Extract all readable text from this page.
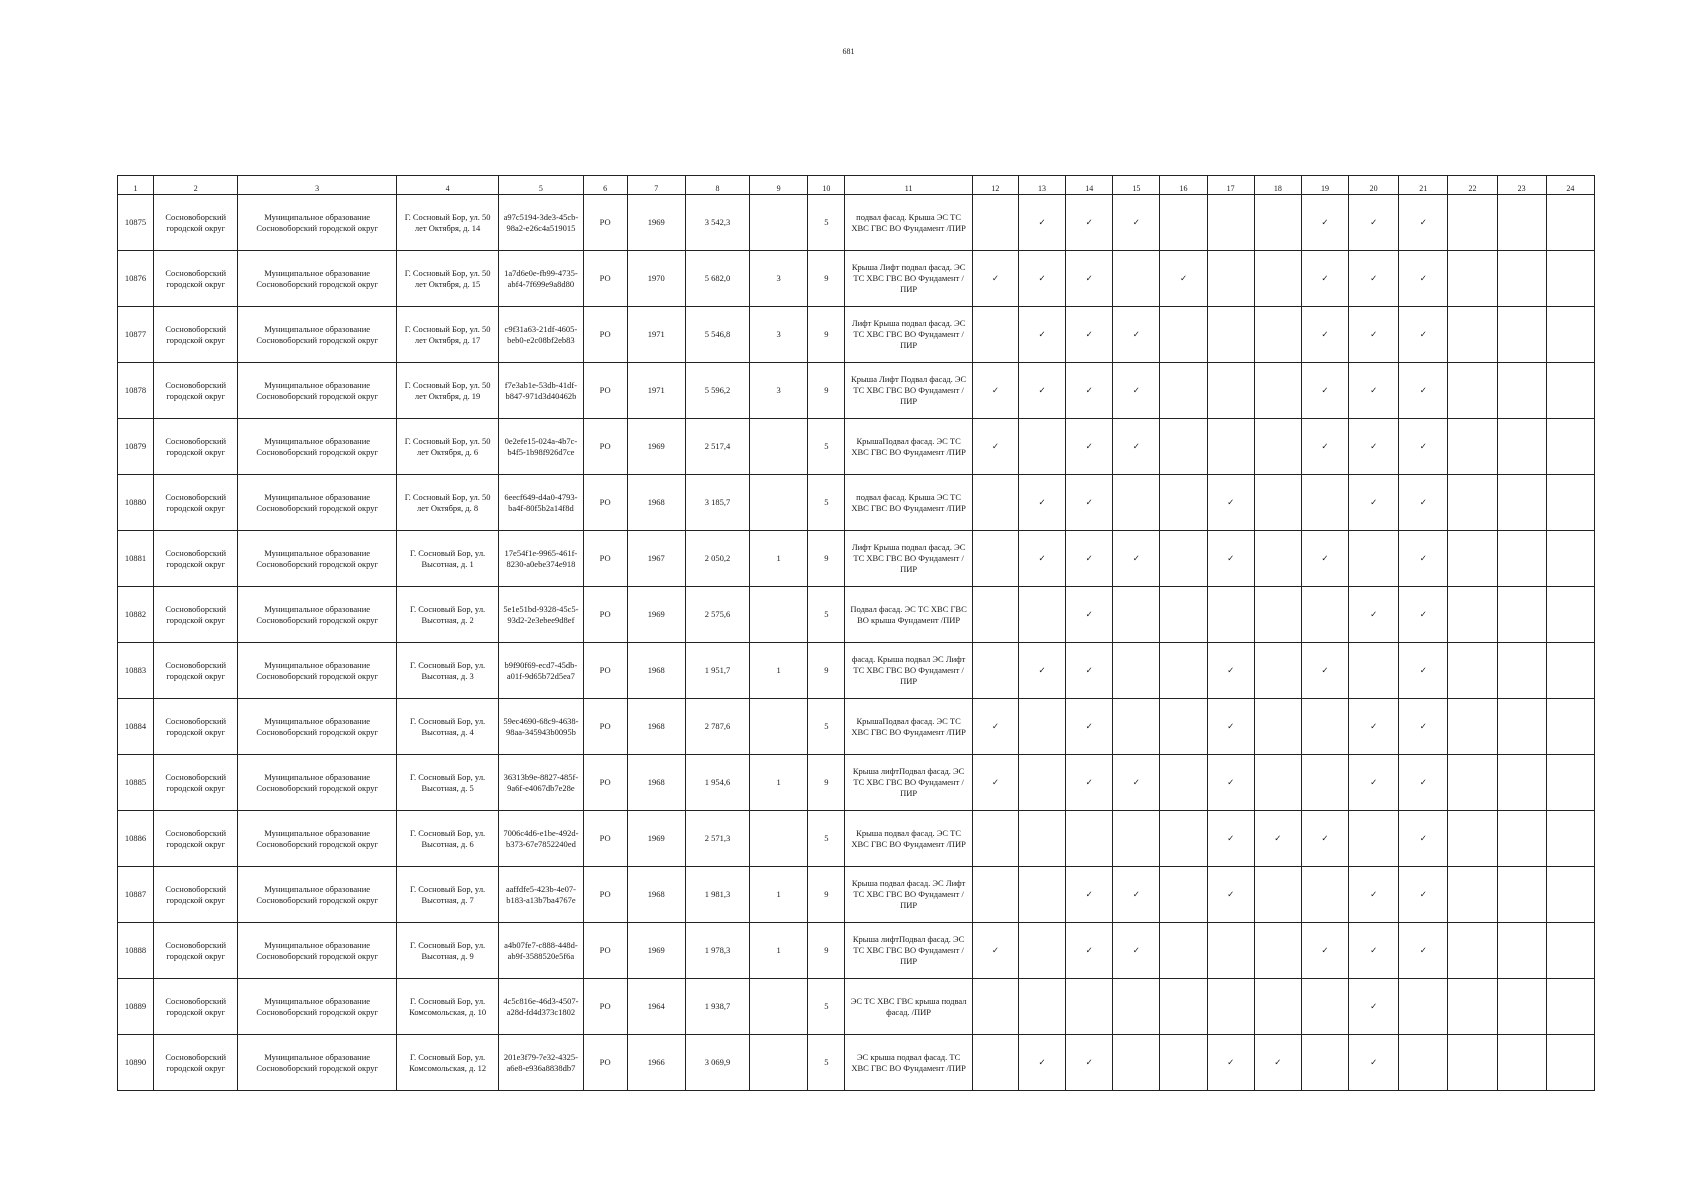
681
1	2	3	4	5	6	7	8	9	10	11	12	13	14	15	16	17	18	19	20	21	22	23	24
10875	Сосновоборский городской округ	Муниципальное образование Сосновоборский городской округ	Г. Сосновый Бор, ул. 50 лет Октября, д. 14	a97c5194-3de3-45cb-98a2-e26c4a519015	РО	1969	3 542,3		5	подвал фасад. Крыша ЭС ТС ХВС ГВС ВО Фундамент /ПИР		✓	✓	✓				✓	✓	✓			
10876	Сосновоборский городской округ	Муниципальное образование Сосновоборский городской округ	Г. Сосновый Бор, ул. 50 лет Октября, д. 15	1a7d6e0e-fb99-4735-abf4-7f699e9a8d80	РО	1970	5 682,0	3	9	Крыша Лифт подвал фасад. ЭС ТС ХВС ГВС ВО Фундамент /ПИР	✓	✓	✓		✓			✓	✓	✓			
10877	Сосновоборский городской округ	Муниципальное образование Сосновоборский городской округ	Г. Сосновый Бор, ул. 50 лет Октября, д. 17	c9f31a63-21df-4605-beb0-e2c08bf2eb83	РО	1971	5 546,8	3	9	Лифт Крыша подвал фасад. ЭС ТС ХВС ГВС ВО Фундамент /ПИР		✓	✓	✓				✓	✓	✓			
10878	Сосновоборский городской округ	Муниципальное образование Сосновоборский городской округ	Г. Сосновый Бор, ул. 50 лет Октября, д. 19	f7e3ab1e-53db-41df-b847-971d3d40462b	РО	1971	5 596,2	3	9	Крыша Лифт Подвал фасад. ЭС ТС ХВС ГВС ВО Фундамент /ПИР	✓	✓	✓	✓				✓	✓	✓			
10879	Сосновоборский городской округ	Муниципальное образование Сосновоборский городской округ	Г. Сосновый Бор, ул. 50 лет Октября, д. 6	0e2efe15-024a-4b7c-b4f5-1b98f926d7ce	РО	1969	2 517,4		5	КрышаПодвал фасад. ЭС ТС ХВС ГВС ВО Фундамент /ПИР	✓		✓	✓				✓	✓	✓			
10880	Сосновоборский городской округ	Муниципальное образование Сосновоборский городской округ	Г. Сосновый Бор, ул. 50 лет Октября, д. 8	6eecf649-d4a0-4793-ba4f-80f5b2a14f8d	РО	1968	3 185,7		5	подвал фасад. Крыша ЭС ТС ХВС ГВС ВО Фундамент /ПИР		✓	✓			✓			✓	✓			
10881	Сосновоборский городской округ	Муниципальное образование Сосновоборский городской округ	Г. Сосновый Бор, ул. Высотная, д. 1	17e54f1e-9965-461f-8230-a0ebe374e918	РО	1967	2 050,2	1	9	Лифт Крыша подвал фасад. ЭС ТС ХВС ГВС ВО Фундамент /ПИР		✓	✓	✓		✓		✓		✓			
10882	Сосновоборский городской округ	Муниципальное образование Сосновоборский городской округ	Г. Сосновый Бор, ул. Высотная, д. 2	5e1e51bd-9328-45c5-93d2-2e3ebee9d8ef	РО	1969	2 575,6		5	Подвал фасад. ЭС ТС ХВС ГВС ВО крыша Фундамент /ПИР			✓						✓	✓			
10883	Сосновоборский городской округ	Муниципальное образование Сосновоборский городской округ	Г. Сосновый Бор, ул. Высотная, д. 3	b9f90f69-ecd7-45db-a01f-9d65b72d5ea7	РО	1968	1 951,7	1	9	фасад. Крыша подвал ЭС Лифт ТС ХВС ГВС ВО Фундамент /ПИР		✓	✓			✓		✓		✓			
10884	Сосновоборский городской округ	Муниципальное образование Сосновоборский городской округ	Г. Сосновый Бор, ул. Высотная, д. 4	59ec4690-68c9-4638-98aa-345943b0095b	РО	1968	2 787,6		5	КрышаПодвал фасад. ЭС ТС ХВС ГВС ВО Фундамент /ПИР	✓		✓			✓			✓	✓			
10885	Сосновоборский городской округ	Муниципальное образование Сосновоборский городской округ	Г. Сосновый Бор, ул. Высотная, д. 5	36313b9e-8827-485f-9a6f-e4067db7e28e	РО	1968	1 954,6	1	9	Крыша лифтПодвал фасад. ЭС ТС ХВС ГВС ВО Фундамент /ПИР	✓		✓	✓		✓			✓	✓			
10886	Сосновоборский городской округ	Муниципальное образование Сосновоборский городской округ	Г. Сосновый Бор, ул. Высотная, д. 6	7006c4d6-e1be-492d-b373-67e7852240ed	РО	1969	2 571,3		5	Крыша подвал фасад. ЭС ТС ХВС ГВС ВО Фундамент /ПИР						✓	✓	✓		✓			
10887	Сосновоборский городской округ	Муниципальное образование Сосновоборский городской округ	Г. Сосновый Бор, ул. Высотная, д. 7	aaffdfe5-423b-4e07-b183-a13b7ba4767e	РО	1968	1 981,3	1	9	Крыша подвал фасад. ЭС Лифт ТС ХВС ГВС ВО Фундамент /ПИР			✓	✓		✓			✓	✓			
10888	Сосновоборский городской округ	Муниципальное образование Сосновоборский городской округ	Г. Сосновый Бор, ул. Высотная, д. 9	a4b07fe7-c888-448d-ab9f-3588520e5f6a	РО	1969	1 978,3	1	9	Крыша лифтПодвал фасад. ЭС ТС ХВС ГВС ВО Фундамент /ПИР	✓		✓	✓				✓	✓	✓			
10889	Сосновоборский городской округ	Муниципальное образование Сосновоборский городской округ	Г. Сосновый Бор, ул. Комсомольская, д. 10	4c5c816e-46d3-4507-a28d-fd4d373c1802	РО	1964	1 938,7		5	ЭС ТС ХВС ГВС крыша подвал фасад. /ПИР									✓				
10890	Сосновоборский городской округ	Муниципальное образование Сосновоборский городской округ	Г. Сосновый Бор, ул. Комсомольская, д. 12	201e3f79-7e32-4325-a6e8-e936a8838db7	РО	1966	3 069,9		5	ЭС крыша подвал фасад. ТС ХВС ГВС ВО Фундамент /ПИР		✓	✓			✓	✓		✓				
